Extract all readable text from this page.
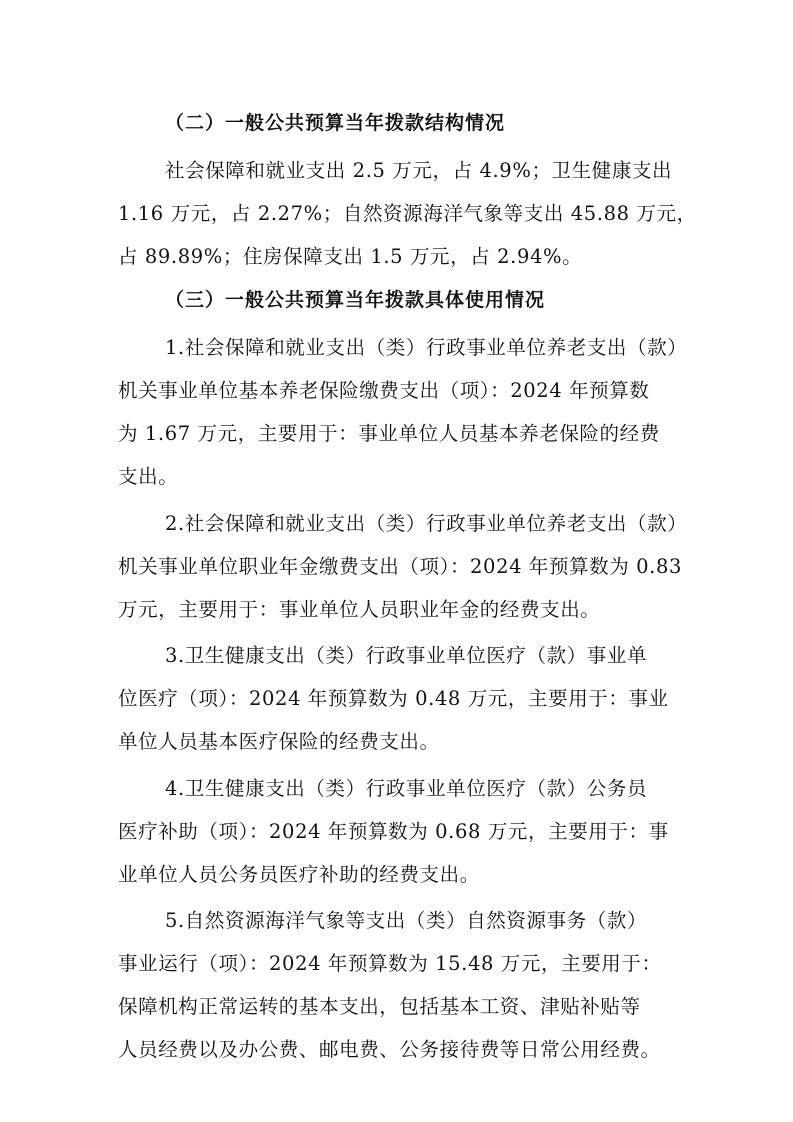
（二）一般公共预算当年拨款结构情况
社会保障和就业支出 2.5 万元，占 4.9%；卫生健康支出
1.16 万元，占 2.27%；自然资源海洋气象等支出 45.88 万元，
占 89.89%；住房保障支出 1.5 万元，占 2.94%。
（三）一般公共预算当年拨款具体使用情况
1.社会保障和就业支出（类）行政事业单位养老支出（款）
机关事业单位基本养老保险缴费支出（项）：2024 年预算数
为 1.67 万元，主要用于：事业单位人员基本养老保险的经费
支出。
2.社会保障和就业支出（类）行政事业单位养老支出（款）
机关事业单位职业年金缴费支出（项）：2024 年预算数为 0.83
万元，主要用于：事业单位人员职业年金的经费支出。
3.卫生健康支出（类）行政事业单位医疗（款）事业单
位医疗（项）：2024 年预算数为 0.48 万元，主要用于：事业
单位人员基本医疗保险的经费支出。
4.卫生健康支出（类）行政事业单位医疗（款）公务员
医疗补助（项）：2024 年预算数为 0.68 万元，主要用于：事
业单位人员公务员医疗补助的经费支出。
5.自然资源海洋气象等支出（类）自然资源事务（款）
事业运行（项）：2024 年预算数为 15.48 万元，主要用于：
保障机构正常运转的基本支出，包括基本工资、津贴补贴等
人员经费以及办公费、邮电费、公务接待费等日常公用经费。
